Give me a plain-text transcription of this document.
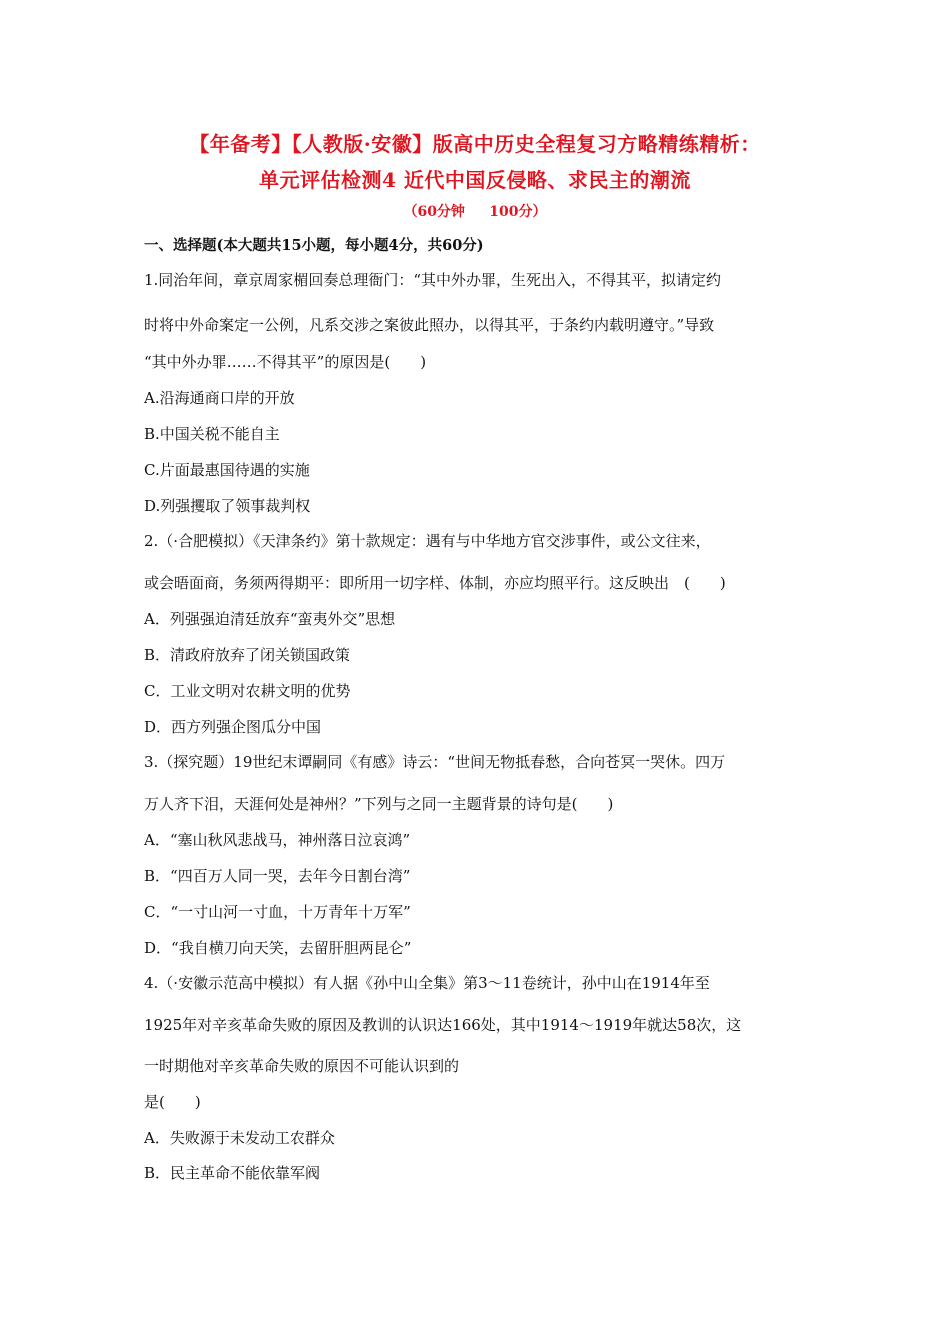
【年备考】【人教版·安徽】版高中历史全程复习方略精练精析：
单元评估检测4 近代中国反侵略、求民主的潮流
（60分钟     100分）
一、选择题(本大题共15小题，每小题4分，共60分)
1.同治年间，章京周家楣回奏总理衙门：“其中外办罪，生死出入，不得其平，拟请定约
时将中外命案定一公例，凡系交涉之案彼此照办，以得其平，于条约内载明遵守。”导致
“其中外办罪……不得其平”的原因是(　　)
A.沿海通商口岸的开放
B.中国关税不能自主
C.片面最惠国待遇的实施
D.列强攫取了领事裁判权
2.（·合肥模拟）《天津条约》第十款规定：遇有与中华地方官交涉事件，或公文往来，
或会晤面商，务须两得期平：即所用一切字样、体制，亦应均照平行。这反映出　(　　)
A．列强强迫清廷放弃“蛮夷外交”思想
B．清政府放弃了闭关锁国政策
C．工业文明对农耕文明的优势
D．西方列强企图瓜分中国
3.（探究题）19世纪末谭嗣同《有感》诗云：“世间无物抵春愁，合向苍冥一哭休。四万
万人齐下泪，天涯何处是神州？”下列与之同一主题背景的诗句是(　　)
A．“塞山秋风悲战马，神州落日泣哀鸿”
B．“四百万人同一哭，去年今日割台湾”
C．“一寸山河一寸血，十万青年十万军”
D．“我自横刀向天笑，去留肝胆两昆仑”
4.（·安徽示范高中模拟）有人据《孙中山全集》第3～11卷统计，孙中山在1914年至
1925年对辛亥革命失败的原因及教训的认识达166处，其中1914～1919年就达58次，这
一时期他对辛亥革命失败的原因不可能认识到的
是(　　)
A．失败源于未发动工农群众
B．民主革命不能依靠军阀
